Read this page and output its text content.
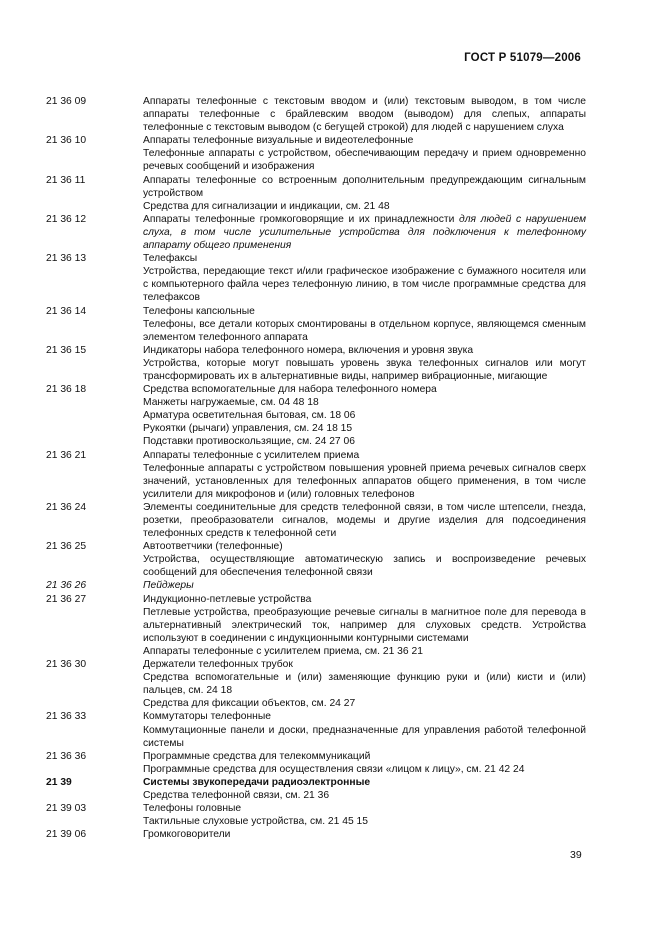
ГОСТ Р 51079—2006
21 36 09	Аппараты телефонные с текстовым вводом и (или) текстовым выводом, в том числе аппараты телефонные с брайлевским вводом (выводом) для слепых, аппараты телефонные с текстовым выводом (с бегущей строкой) для людей с нарушением слуха
21 36 10	Аппараты телефонные визуальные и видеотелефонные
Телефонные аппараты с устройством, обеспечивающим передачу и прием одновременно речевых сообщений и изображения
21 36 11	Аппараты телефонные со встроенным дополнительным предупреждающим сигнальным устройством
Средства для сигнализации и индикации, см. 21 48
21 36 12	Аппараты телефонные громкоговорящие и их принадлежности для людей с нарушением слуха, в том числе усилительные устройства для подключения к телефонному аппарату общего применения
21 36 13	Телефаксы
Устройства, передающие текст и/или графическое изображение с бумажного носителя или с компьютерного файла через телефонную линию, в том числе программные средства для телефаксов
21 36 14	Телефоны капсюльные
Телефоны, все детали которых смонтированы в отдельном корпусе, являющемся сменным элементом телефонного аппарата
21 36 15	Индикаторы набора телефонного номера, включения и уровня звука
Устройства, которые могут повышать уровень звука телефонных сигналов или могут трансформировать их в альтернативные виды, например вибрационные, мигающие
21 36 18	Средства вспомогательные для набора телефонного номера
Манжеты нагружаемые, см. 04 48 18
Арматура осветительная бытовая, см. 18 06
Рукоятки (рычаги) управления, см. 24 18 15
Подставки противоскользящие, см. 24 27 06
21 36 21	Аппараты телефонные с усилителем приема
Телефонные аппараты с устройством повышения уровней приема речевых сигналов сверх значений, установленных для телефонных аппаратов общего применения, в том числе усилители для микрофонов и (или) головных телефонов
21 36 24	Элементы соединительные для средств телефонной связи, в том числе штепсели, гнезда, розетки, преобразователи сигналов, модемы и другие изделия для подсоединения телефонных средств к телефонной сети
21 36 25	Автоответчики (телефонные)
Устройства, осуществляющие автоматическую запись и воспроизведение речевых сообщений для обеспечения телефонной связи
21 36 26	Пейджеры
21 36 27	Индукционно-петлевые устройства
Петлевые устройства, преобразующие речевые сигналы в магнитное поле для перевода в альтернативный электрический ток, например для слуховых средств. Устройства используют в соединении с индукционными контурными системами
Аппараты телефонные с усилителем приема, см. 21 36 21
21 36 30	Держатели телефонных трубок
Средства вспомогательные и (или) заменяющие функцию руки и (или) кисти и (или) пальцев, см. 24 18
Средства для фиксации объектов, см. 24 27
21 36 33	Коммутаторы телефонные
Коммутационные панели и доски, предназначенные для управления работой телефонной системы
21 36 36	Программные средства для телекоммуникаций
Программные средства для осуществления связи «лицом к лицу», см. 21 42 24
21 39	Системы звукопередачи радиоэлектронные
Средства телефонной связи, см. 21 36
21 39 03	Телефоны головные
Тактильные слуховые устройства, см. 21 45 15
21 39 06	Громкоговорители
39
